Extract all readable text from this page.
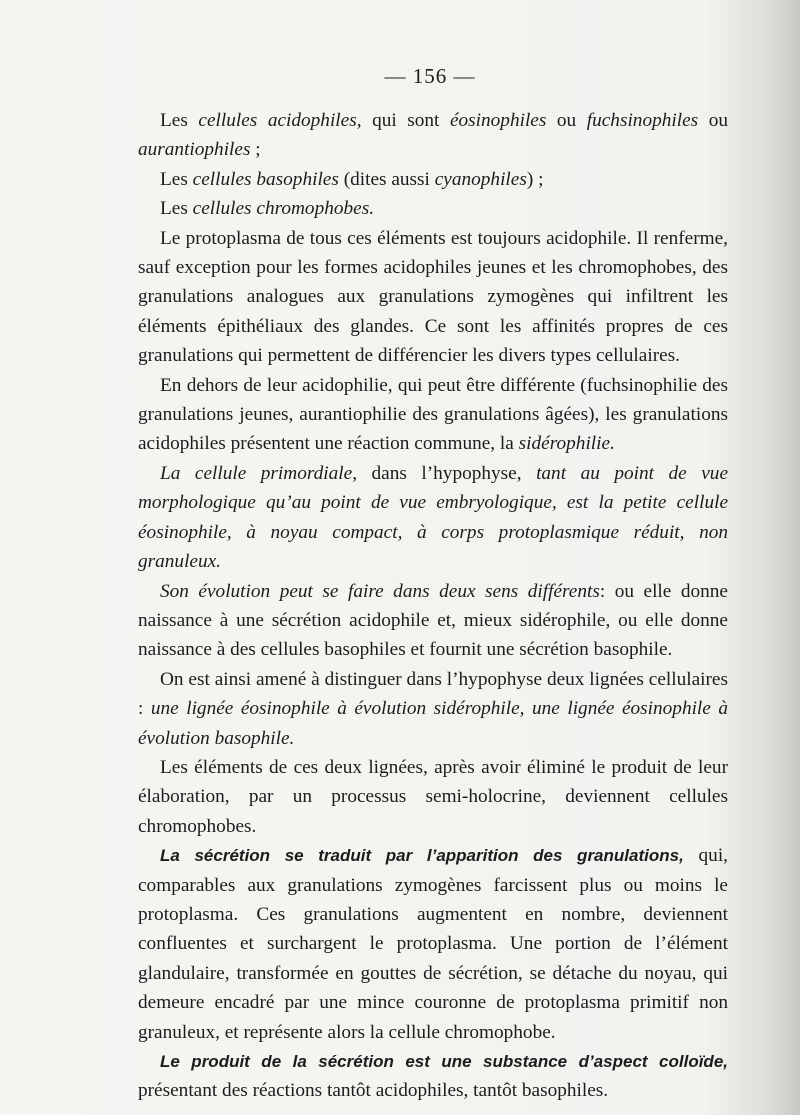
— 156 —

Les cellules acidophiles, qui sont éosinophiles ou fuchsinophiles ou aurantiophiles ;

Les cellules basophiles (dites aussi cyanophiles) ;

Les cellules chromophobes.

Le protoplasma de tous ces éléments est toujours acidophile. Il renferme, sauf exception pour les formes acidophiles jeunes et les chromophobes, des granulations analogues aux granulations zymogènes qui infiltrent les éléments épithéliaux des glandes. Ce sont les affinités propres de ces granulations qui permettent de différencier les divers types cellulaires.

En dehors de leur acidophilie, qui peut être différente (fuchsinophilie des granulations jeunes, aurantiophilie des granulations âgées), les granulations acidophiles présentent une réaction commune, la sidérophilie.

La cellule primordiale, dans l’hypophyse, tant au point de vue morphologique qu’au point de vue embryologique, est la petite cellule éosinophile, à noyau compact, à corps protoplasmique réduit, non granuleux.

Son évolution peut se faire dans deux sens différents: ou elle donne naissance à une sécrétion acidophile et, mieux sidérophile, ou elle donne naissance à des cellules basophiles et fournit une sécrétion basophile.

On est ainsi amené à distinguer dans l’hypophyse deux lignées cellulaires : une lignée éosinophile à évolution sidérophile, une lignée éosinophile à évolution basophile.

Les éléments de ces deux lignées, après avoir éliminé le produit de leur élaboration, par un processus semi-holocrine, deviennent cellules chromophobes.

La sécrétion se traduit par l’apparition des granulations, qui, comparables aux granulations zymogènes farcissent plus ou moins le protoplasma. Ces granulations augmentent en nombre, deviennent confluentes et surchargent le protoplasma. Une portion de l’élément glandulaire, transformée en gouttes de sécrétion, se détache du noyau, qui demeure encadré par une mince couronne de protoplasma primitif non granuleux, et représente alors la cellule chromophobe.

Le produit de la sécrétion est une substance d’aspect colloïde, présentant des réactions tantôt acidophiles, tantôt basophiles.
